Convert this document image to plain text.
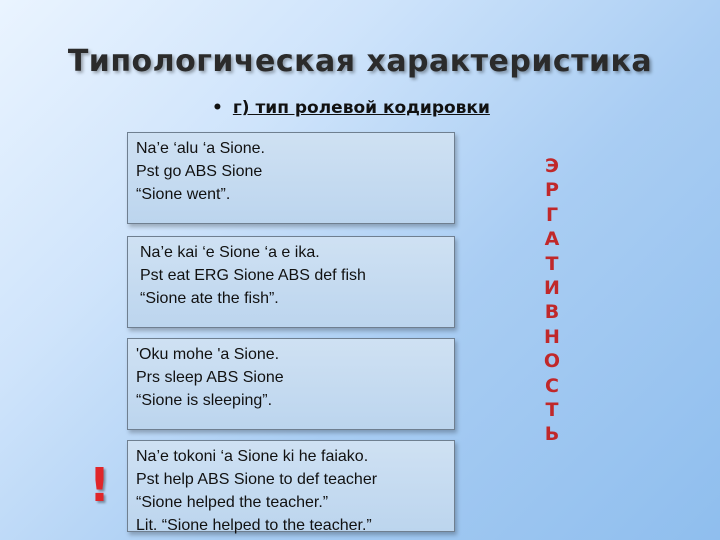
Типологическая характеристика
• г) тип ролевой кодировки
Na’e ‘alu ‘a Sione.
Pst go ABS Sione
“Sione went”.
Na’e kai ‘e Sione ‘a e ika.
Pst eat ERG Sione ABS def fish
“Sione ate the fish”.
'Oku mohe 'a Sione.
Prs sleep ABS Sione
“Sione is sleeping”.
Na’e tokoni ‘a Sione ki he faiako.
Pst help ABS Sione to def teacher
“Sione helped the teacher.”
Lit. “Sione helped to the teacher.”
!
Э
Р
Г
А
Т
И
В
Н
О
С
Т
Ь
